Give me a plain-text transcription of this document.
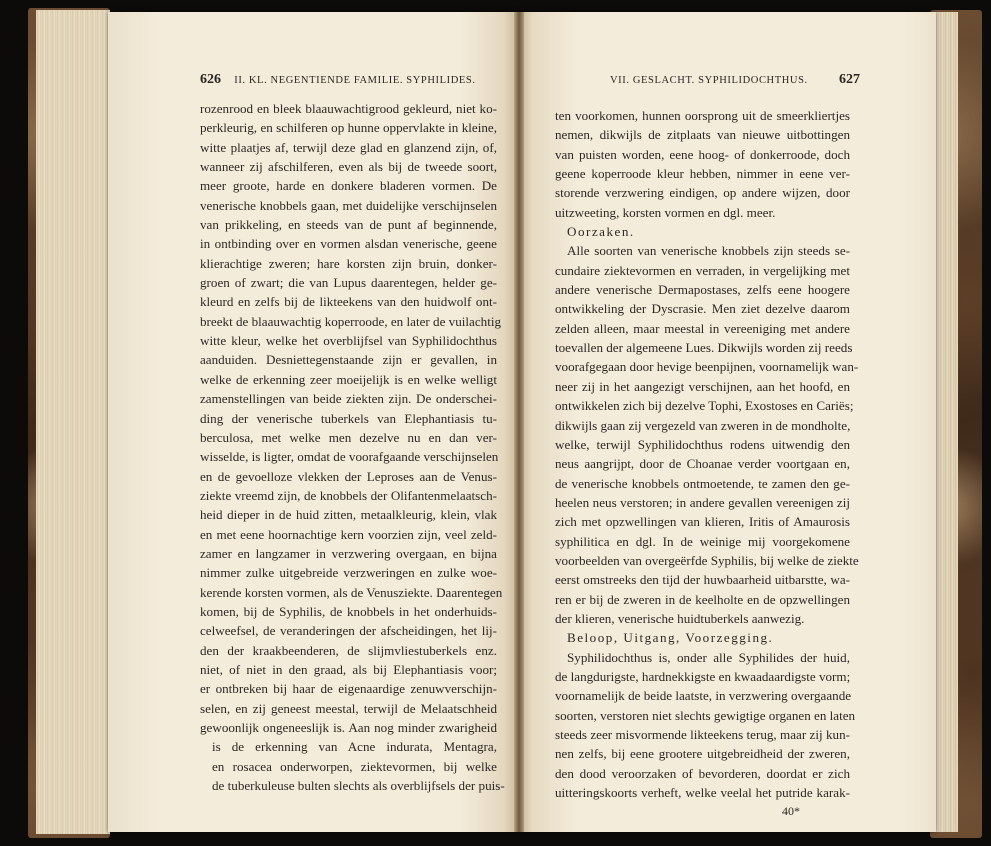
626 II. KL. NEGENTIENDE FAMILIE. SYPHILIDES.	VII. GESLACHT. SYPHILIDOCHTHUS. 627
rozenrood en bleek blaauwachtigrood gekleurd, niet ko-
perkleurig, en schilferen op hunne oppervlakte in kleine,
witte plaatjes af, terwijl deze glad en glanzend zijn, of,
wanneer zij afschilferen, even als bij de tweede soort,
meer groote, harde en donkere bladeren vormen. De
venerische knobbels gaan, met duidelijke verschijnselen
van prikkeling, en steeds van de punt af beginnende,
in ontbinding over en vormen alsdan venerische, geene
klierachtige zweren; hare korsten zijn bruin, donker-
groen of zwart; die van Lupus daarentegen, helder ge-
kleurd en zelfs bij de likteekens van den huidwolf ont-
breekt de blaauwachtig koperroode, en later de vuilachtig
witte kleur, welke het overblijfsel van Syphilidochthus
aanduiden. Desniettegenstaande zijn er gevallen, in
welke de erkenning zeer moeijelijk is en welke welligt
zamenstellingen van beide ziekten zijn. De onderschei-
ding der venerische tuberkels van Elephantiasis tu-
berculosa, met welke men dezelve nu en dan ver-
wisselde, is ligter, omdat de voorafgaande verschijnselen
en de gevoelloze vlekken der Leproses aan de Venus-
ziekte vreemd zijn, de knobbels der Olifantenmelaatsch-
heid dieper in de huid zitten, metaalkleurig, klein, vlak
en met eene hoornachtige kern voorzien zijn, veel zeld-
zamer en langzamer in verzwering overgaan, en bijna
nimmer zulke uitgebreide verzweringen en zulke woe-
kerende korsten vormen, als de Venusziekte. Daarentegen
komen, bij de Syphilis, de knobbels in het onderhuids-
celweefsel, de veranderingen der afscheidingen, het lij-
den der kraakbeenderen, de slijmvliestuberkels enz.
niet, of niet in den graad, als bij Elephantiasis voor;
er ontbreken bij haar de eigenaardige zenuwverschijn-
selen, en zij geneest meestal, terwijl de Melaatschheid
gewoonlijk ongeneeslijk is. Aan nog minder zwarigheid
is de erkenning van Acne indurata, Mentagra,
en rosacea onderworpen, ziektevormen, bij welke
de tuberkuleuse bulten slechts als overblijfsels der puis-
ten voorkomen, hunnen oorsprong uit de smeerkliertjes
nemen, dikwijls de zitplaats van nieuwe uitbottingen
van puisten worden, eene hoog- of donkerroode, doch
geene koperroode kleur hebben, nimmer in eene ver-
storende verzwering eindigen, op andere wijzen, door
uitzweeting, korsten vormen en dgl. meer.
Oorzaken.
Alle soorten van venerische knobbels zijn steeds se-
cundaire ziektevormen en verraden, in vergelijking met
andere venerische Dermapostases, zelfs eene hoogere
ontwikkeling der Dyscrasie. Men ziet dezelve daarom
zelden alleen, maar meestal in vereeniging met andere
toevallen der algemeene Lues. Dikwijls worden zij reeds
voorafgegaan door hevige beenpijnen, voornamelijk wan-
neer zij in het aangezigt verschijnen, aan het hoofd, en
ontwikkelen zich bij dezelve Tophi, Exostoses en Cariës;
dikwijls gaan zij vergezeld van zweren in de mondholte,
welke, terwijl Syphilidochthus rodens uitwendig den
neus aangrijpt, door de Choanae verder voortgaan en,
de venerische knobbels ontmoetende, te zamen den ge-
heelen neus verstoren; in andere gevallen vereenigen zij
zich met opzwellingen van klieren, Iritis of Amaurosis
syphilitica en dgl. In de weinige mij voorgekomene
voorbeelden van overgeërfde Syphilis, bij welke de ziekte
eerst omstreeks den tijd der huwbaarheid uitbarstte, wa-
ren er bij de zweren in de keelholte en de opzwellingen
der klieren, venerische huidtuberkels aanwezig.
Beloop, Uitgang, Voorzegging.
Syphilidochthus is, onder alle Syphilides der huid,
de langdurigste, hardnekkigste en kwaadaardigste vorm;
voornamelijk de beide laatste, in verzwering overgaande
soorten, verstoren niet slechts gewigtige organen en laten
steeds zeer misvormende likteekens terug, maar zij kun-
nen zelfs, bij eene grootere uitgebreidheid der zweren,
den dood veroorzaken of bevorderen, doordat er zich
uitteringskoorts verheft, welke veelal het putride karak-
40*
